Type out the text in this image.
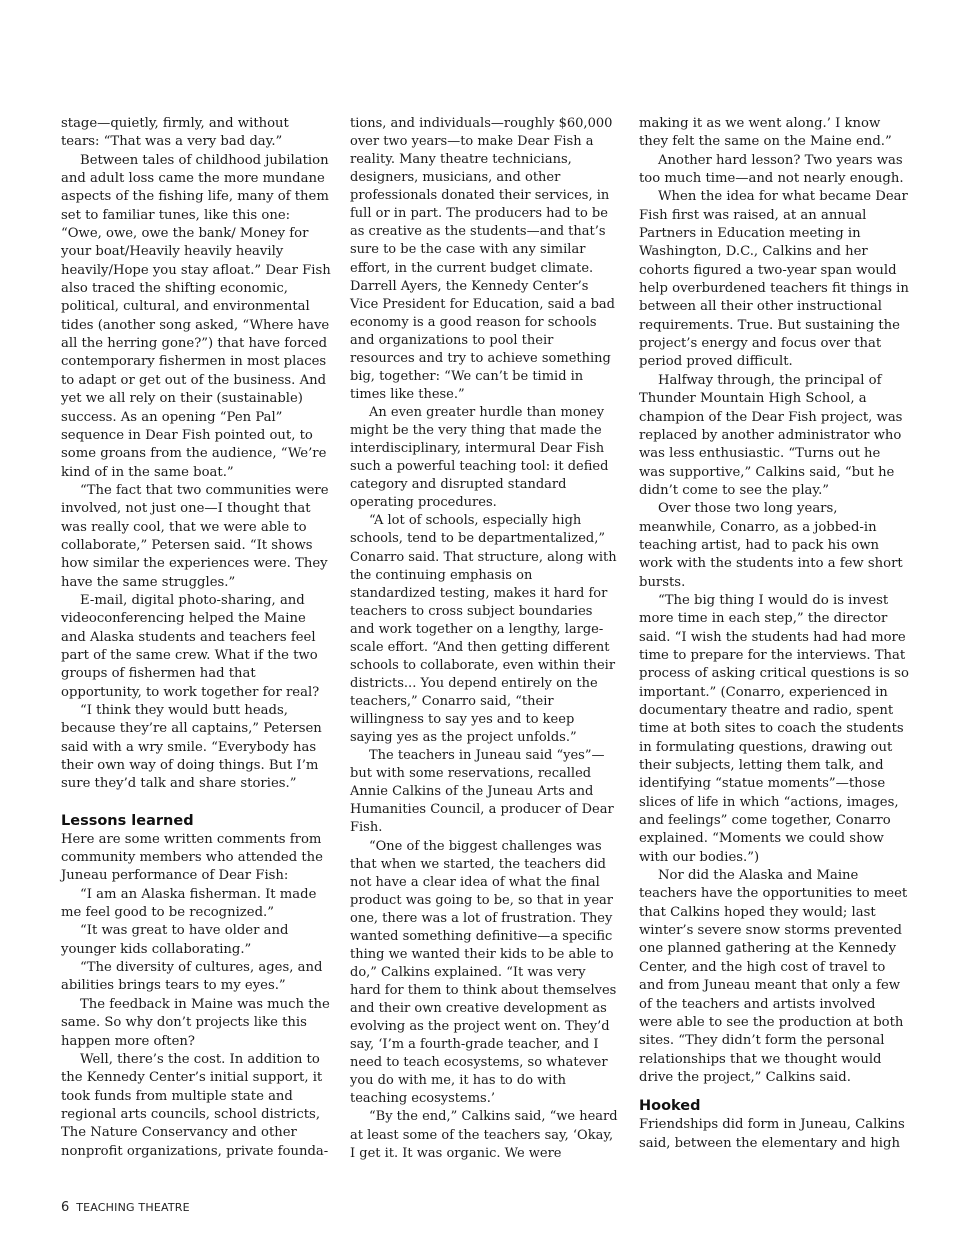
stage—quietly, firmly, and without tears: “That was a very bad day.”

Between tales of childhood jubilation and adult loss came the more mundane aspects of the fishing life, many of them set to familiar tunes, like this one: “Owe, owe, owe the bank/ Money for your boat/Heavily heavily heavily heavily/Hope you stay afloat.” Dear Fish also traced the shifting economic, political, cultural, and environmental tides (another song asked, “Where have all the herring gone?”) that have forced contemporary fishermen in most places to adapt or get out of the business. And yet we all rely on their (sustainable) success. As an opening “Pen Pal” sequence in Dear Fish pointed out, to some groans from the audience, “We’re kind of in the same boat.”

“The fact that two communities were involved, not just one—I thought that was really cool, that we were able to collaborate,” Petersen said. “It shows how similar the experiences were. They have the same struggles.”

E-mail, digital photo-sharing, and videoconferencing helped the Maine and Alaska students and teachers feel part of the same crew. What if the two groups of fishermen had that opportunity, to work together for real?

“I think they would butt heads, because they’re all captains,” Petersen said with a wry smile. “Everybody has their own way of doing things. But I’m sure they’d talk and share stories.”

Lessons learned

Here are some written comments from community members who attended the Juneau performance of Dear Fish:

“I am an Alaska fisherman. It made me feel good to be recognized.”

“It was great to have older and younger kids collaborating.”

“The diversity of cultures, ages, and abilities brings tears to my eyes.”

The feedback in Maine was much the same. So why don’t projects like this happen more often?

Well, there’s the cost. In addition to the Kennedy Center’s initial support, it took funds from multiple state and regional arts councils, school districts, The Nature Conservancy and other nonprofit organizations, private founda-

tions, and individuals—roughly $60,000 over two years—to make Dear Fish a reality. Many theatre technicians, designers, musicians, and other professionals donated their services, in full or in part. The producers had to be as creative as the students—and that’s sure to be the case with any similar effort, in the current budget climate. Darrell Ayers, the Kennedy Center’s Vice President for Education, said a bad economy is a good reason for schools and organizations to pool their resources and try to achieve something big, together: “We can’t be timid in times like these.”

An even greater hurdle than money might be the very thing that made the interdisciplinary, intermural Dear Fish such a powerful teaching tool: it defied category and disrupted standard operating procedures.

“A lot of schools, especially high schools, tend to be departmentalized,” Conarro said. That structure, along with the continuing emphasis on standardized testing, makes it hard for teachers to cross subject boundaries and work together on a lengthy, large-scale effort. “And then getting different schools to collaborate, even within their districts... You depend entirely on the teachers,” Conarro said, “their willingness to say yes and to keep saying yes as the project unfolds.”

The teachers in Juneau said “yes”—but with some reservations, recalled Annie Calkins of the Juneau Arts and Humanities Council, a producer of Dear Fish.

“One of the biggest challenges was that when we started, the teachers did not have a clear idea of what the final product was going to be, so that in year one, there was a lot of frustration. They wanted something definitive—a specific thing we wanted their kids to be able to do,” Calkins explained. “It was very hard for them to think about themselves and their own creative development as evolving as the project went on. They’d say, ‘I’m a fourth-grade teacher, and I need to teach ecosystems, so whatever you do with me, it has to do with teaching ecosystems.’

“By the end,” Calkins said, “we heard at least some of the teachers say, ‘Okay, I get it. It was organic. We were

making it as we went along.’ I know they felt the same on the Maine end.”

Another hard lesson? Two years was too much time—and not nearly enough.

When the idea for what became Dear Fish first was raised, at an annual Partners in Education meeting in Washington, D.C., Calkins and her cohorts figured a two-year span would help overburdened teachers fit things in between all their other instructional requirements. True. But sustaining the project’s energy and focus over that period proved difficult.

Halfway through, the principal of Thunder Mountain High School, a champion of the Dear Fish project, was replaced by another administrator who was less enthusiastic. “Turns out he was supportive,” Calkins said, “but he didn’t come to see the play.”

Over those two long years, meanwhile, Conarro, as a jobbed-in teaching artist, had to pack his own work with the students into a few short bursts.

“The big thing I would do is invest more time in each step,” the director said. “I wish the students had had more time to prepare for the interviews. That process of asking critical questions is so important.” (Conarro, experienced in documentary theatre and radio, spent time at both sites to coach the students in formulating questions, drawing out their subjects, letting them talk, and identifying “statue moments”—those slices of life in which “actions, images, and feelings” come together, Conarro explained. “Moments we could show with our bodies.”)

Nor did the Alaska and Maine teachers have the opportunities to meet that Calkins hoped they would; last winter’s severe snow storms prevented one planned gathering at the Kennedy Center, and the high cost of travel to and from Juneau meant that only a few of the teachers and artists involved were able to see the production at both sites. “They didn’t form the personal relationships that we thought would drive the project,” Calkins said.

Hooked

Friendships did form in Juneau, Calkins said, between the elementary and high

6 TEACHING THEATRE
